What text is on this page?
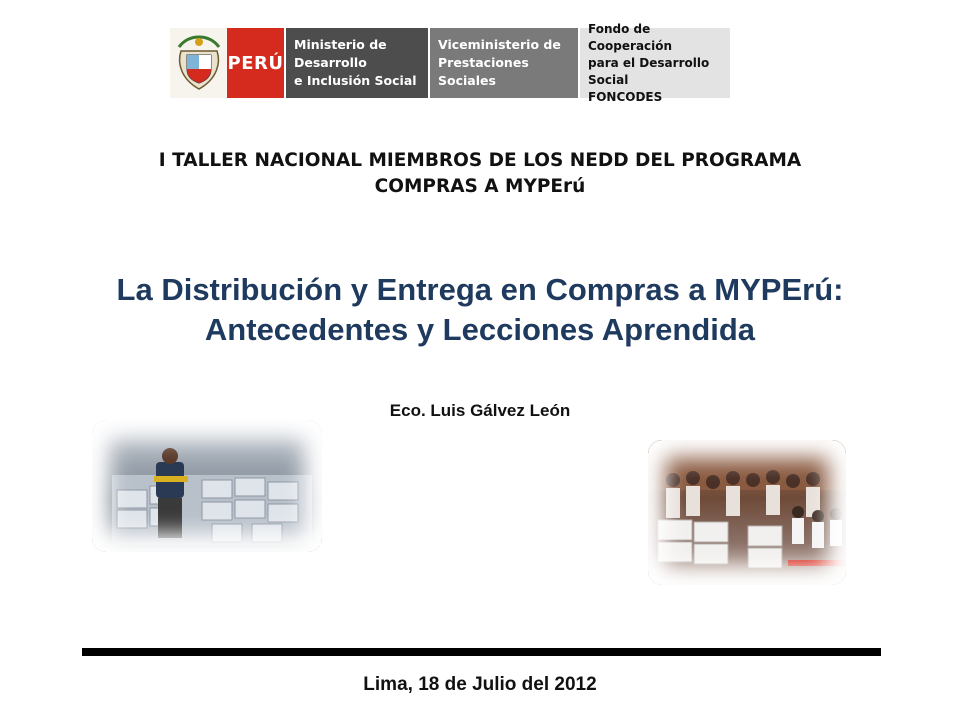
PERÚ
Ministerio de Desarrollo
e Inclusión Social
Viceministerio de
Prestaciones Sociales
Fondo de Cooperación
para el Desarrollo Social
FONCODES
I TALLER NACIONAL MIEMBROS DE LOS NEDD DEL PROGRAMA
COMPRAS A MYPErú
La Distribución y Entrega en Compras a MYPErú:
Antecedentes y Lecciones Aprendida
Eco. Luis Gálvez León
Lima, 18 de Julio del 2012
